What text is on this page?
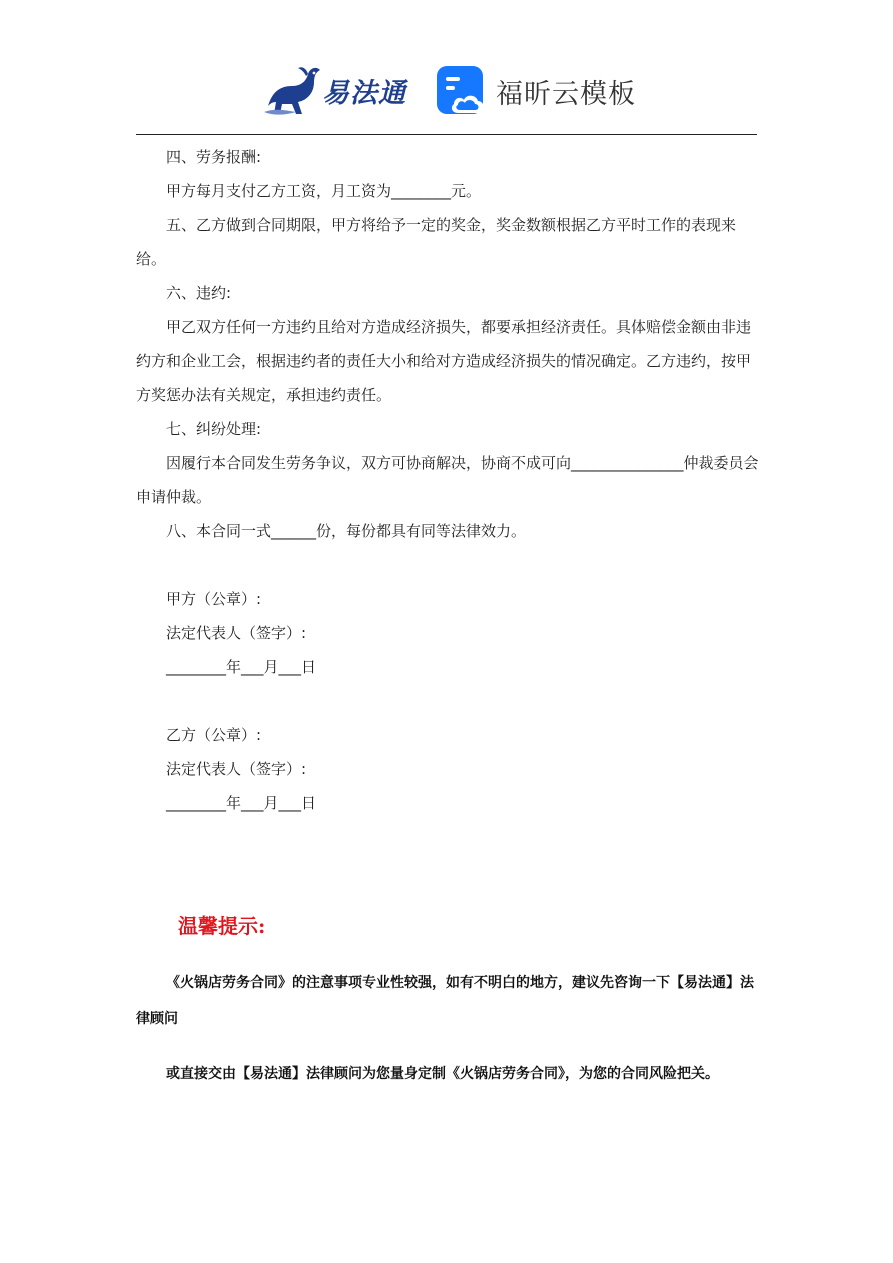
易法通	福昕云模板

四、劳务报酬:

甲方每月支付乙方工资，月工资为________元。

五、乙方做到合同期限，甲方将给予一定的奖金，奖金数额根据乙方平时工作的表现来给。

六、违约:

甲乙双方任何一方违约且给对方造成经济损失，都要承担经济责任。具体赔偿金额由非违约方和企业工会，根据违约者的责任大小和给对方造成经济损失的情况确定。乙方违约，按甲方奖惩办法有关规定，承担违约责任。

七、纠纷处理:

因履行本合同发生劳务争议，双方可协商解决，协商不成可向_______________仲裁委员会申请仲裁。

八、本合同一式______份，每份都具有同等法律效力。

甲方（公章）:

法定代表人（签字）:

________年___月___日

乙方（公章）:

法定代表人（签字）:

________年___月___日

温馨提示:

《火锅店劳务合同》的注意事项专业性较强，如有不明白的地方，建议先咨询一下【易法通】法律顾问

或直接交由【易法通】法律顾问为您量身定制《火锅店劳务合同》，为您的合同风险把关。
